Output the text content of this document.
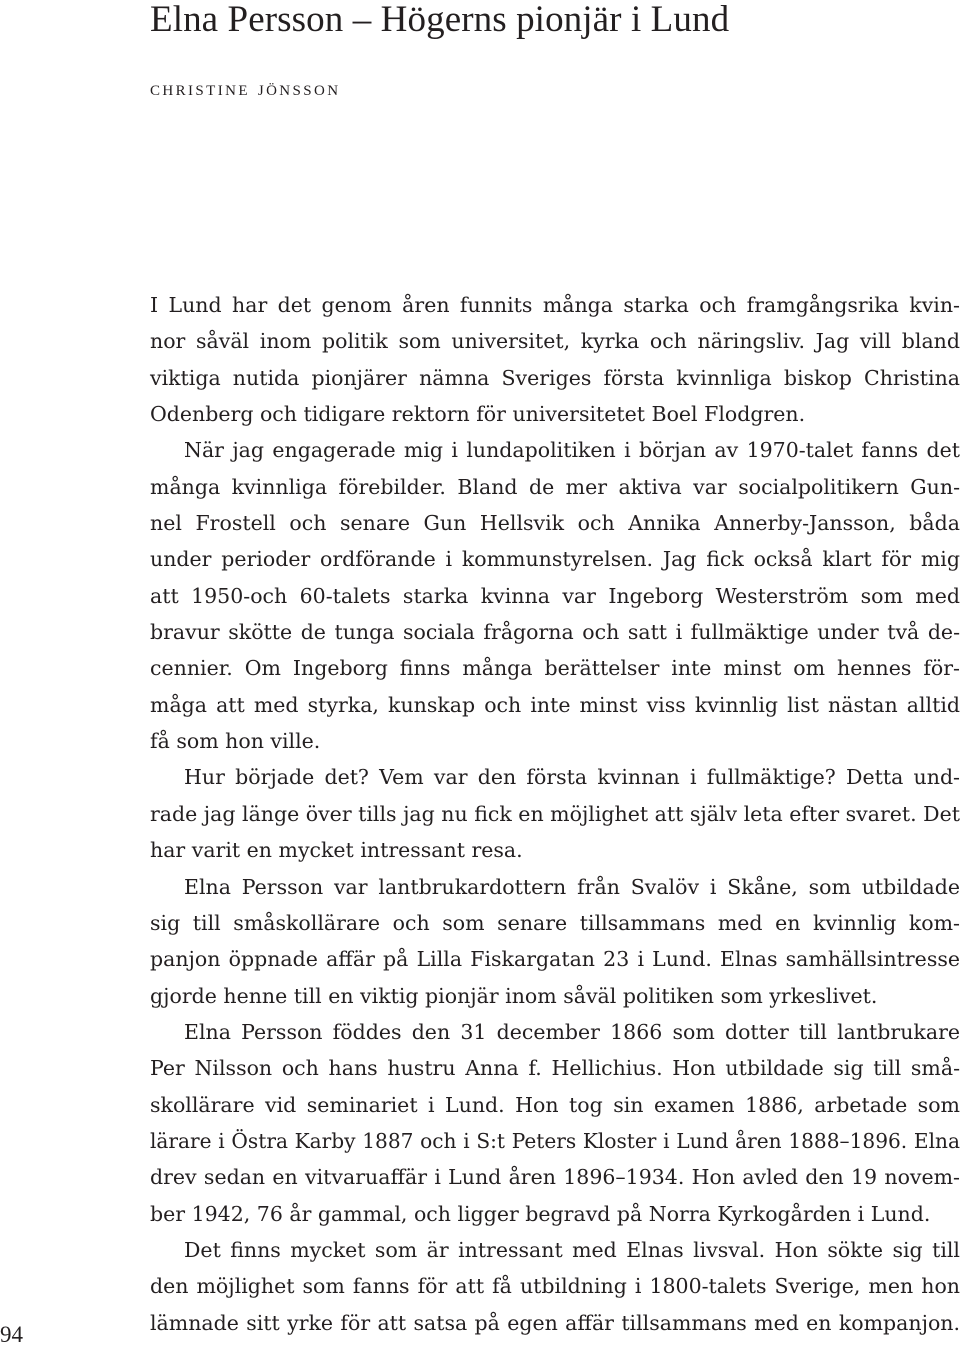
Elna Persson – Högerns pionjär i Lund
christine jönsson
I Lund har det genom åren funnits många starka och framgångsrika kvin-
nor såväl inom politik som universitet, kyrka och näringsliv. Jag vill bland
viktiga nutida pionjärer nämna Sveriges första kvinnliga biskop Christina
Odenberg och tidigare rektorn för universitetet Boel Flodgren.
När jag engagerade mig i lundapolitiken i början av 1970-talet fanns det
många kvinnliga förebilder. Bland de mer aktiva var socialpolitikern Gun-
nel Frostell och senare Gun Hellsvik och Annika Annerby-Jansson, båda
under perioder ordförande i kommunstyrelsen. Jag fick också klart för mig
att 1950-och 60-talets starka kvinna var Ingeborg Westerström som med
bravur skötte de tunga sociala frågorna och satt i fullmäktige under två de-
cennier. Om Ingeborg finns många berättelser inte minst om hennes för-
måga att med styrka, kunskap och inte minst viss kvinnlig list nästan alltid
få som hon ville.
Hur började det? Vem var den första kvinnan i fullmäktige? Detta und-
rade jag länge över tills jag nu fick en möjlighet att själv leta efter svaret. Det
har varit en mycket intressant resa.
Elna Persson var lantbrukardottern från Svalöv i Skåne, som utbildade
sig till småskollärare och som senare tillsammans med en kvinnlig kom-
panjon öppnade affär på Lilla Fiskargatan 23 i Lund. Elnas samhällsintresse
gjorde henne till en viktig pionjär inom såväl politiken som yrkeslivet.
Elna Persson föddes den 31 december 1866 som dotter till lantbrukare
Per Nilsson och hans hustru Anna f. Hellichius. Hon utbildade sig till små-
skollärare vid seminariet i Lund. Hon tog sin examen 1886, arbetade som
lärare i Östra Karby 1887 och i S:t Peters Kloster i Lund åren 1888–1896. Elna
drev sedan en vitvaruaffär i Lund åren 1896–1934. Hon avled den 19 novem-
ber 1942, 76 år gammal, och ligger begravd på Norra Kyrkogården i Lund.
Det finns mycket som är intressant med Elnas livsval. Hon sökte sig till
den möjlighet som fanns för att få utbildning i 1800-talets Sverige, men hon
lämnade sitt yrke för att satsa på egen affär tillsammans med en kompanjon.
94
